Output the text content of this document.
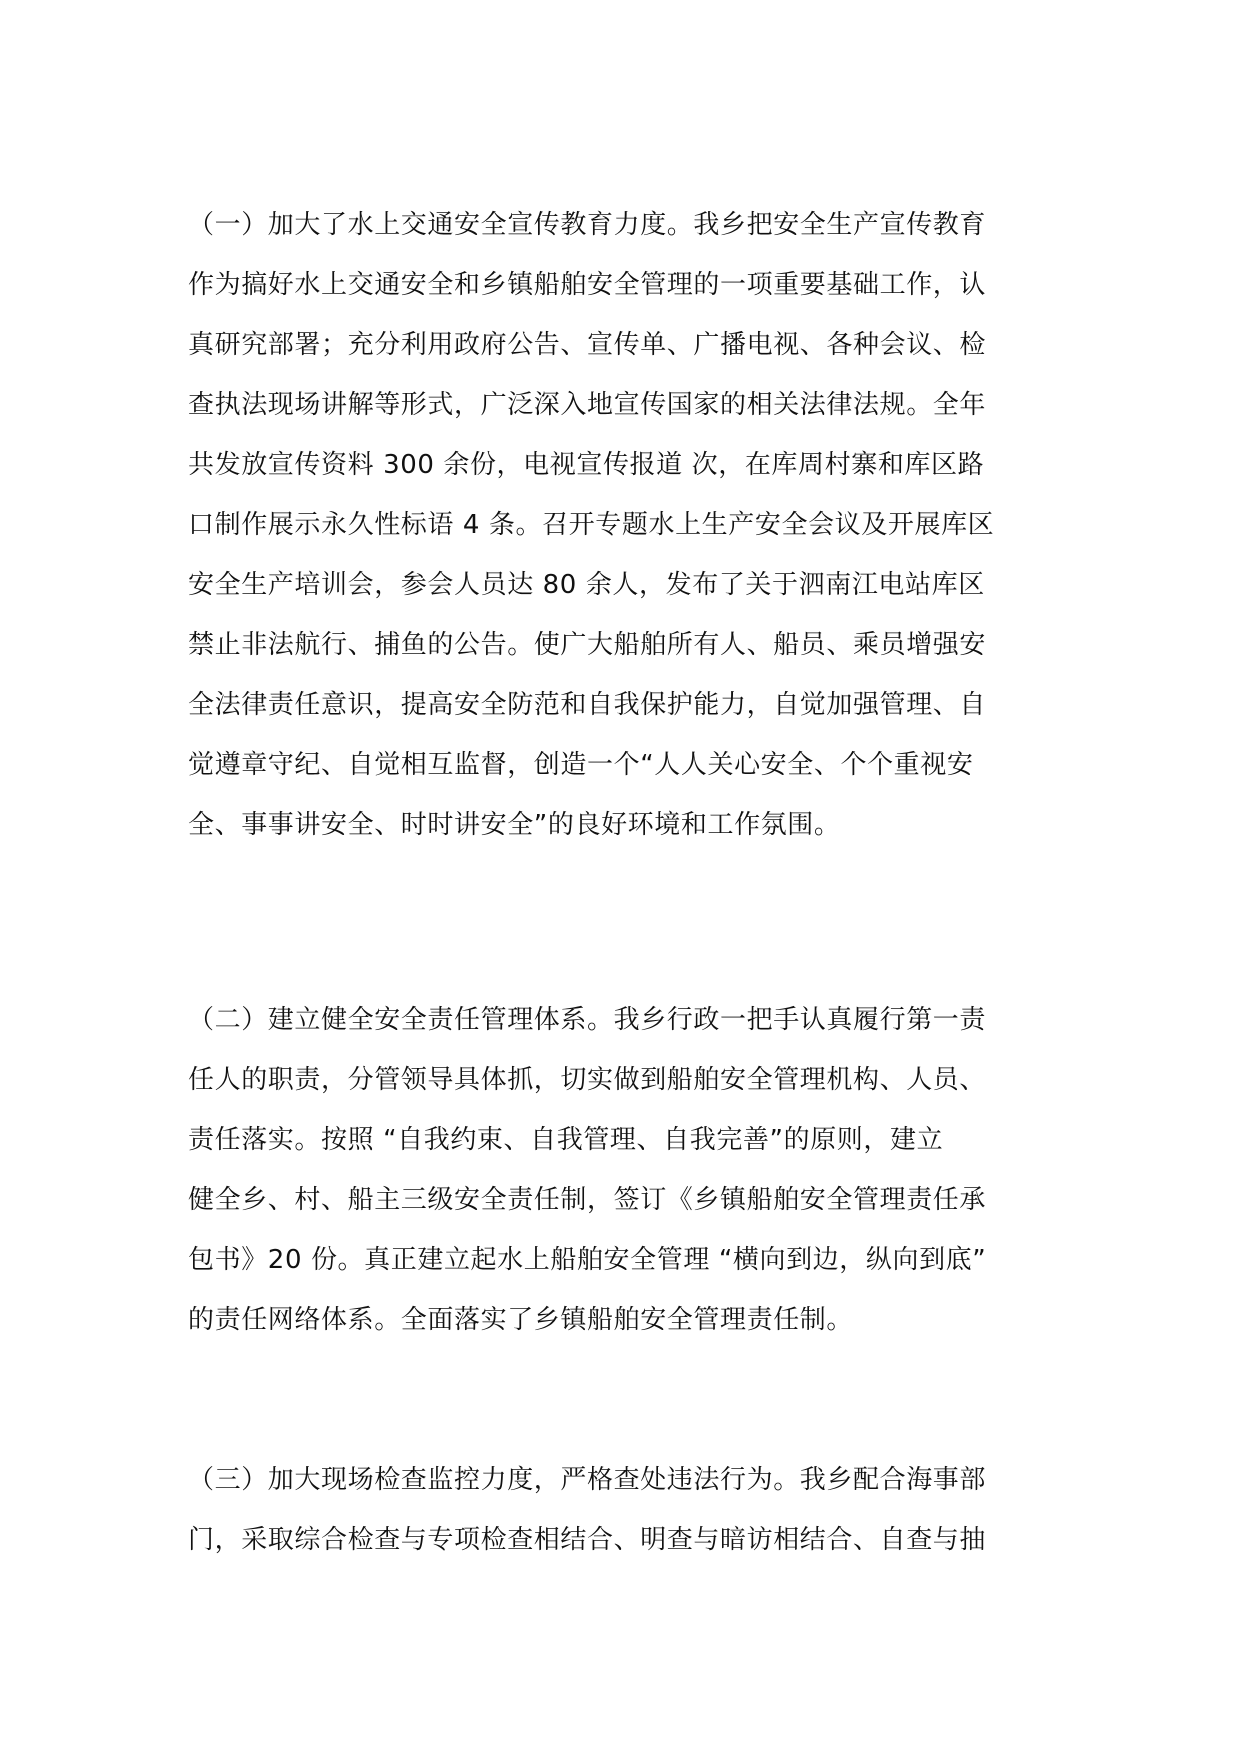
（一）加大了水上交通安全宣传教育力度。我乡把安全生产宣传教育
作为搞好水上交通安全和乡镇船舶安全管理的一项重要基础工作，认
真研究部署；充分利用政府公告、宣传单、广播电视、各种会议、检
查执法现场讲解等形式，广泛深入地宣传国家的相关法律法规。全年
共发放宣传资料 300 余份，电视宣传报道 次，在库周村寨和库区路
口制作展示永久性标语 4 条。召开专题水上生产安全会议及开展库区
安全生产培训会，参会人员达 80 余人，发布了关于泗南江电站库区
禁止非法航行、捕鱼的公告。使广大船舶所有人、船员、乘员增强安
全法律责任意识，提高安全防范和自我保护能力，自觉加强管理、自
觉遵章守纪、自觉相互监督，创造一个“人人关心安全、个个重视安
全、事事讲安全、时时讲安全”的良好环境和工作氛围。
（二）建立健全安全责任管理体系。我乡行政一把手认真履行第一责
任人的职责，分管领导具体抓，切实做到船舶安全管理机构、人员、
责任落实。按照 “自我约束、自我管理、自我完善”的原则，建立
健全乡、村、船主三级安全责任制，签订《乡镇船舶安全管理责任承
包书》20 份。真正建立起水上船舶安全管理 “横向到边，纵向到底”
的责任网络体系。全面落实了乡镇船舶安全管理责任制。
（三）加大现场检查监控力度，严格查处违法行为。我乡配合海事部
门，采取综合检查与专项检查相结合、明查与暗访相结合、自查与抽
